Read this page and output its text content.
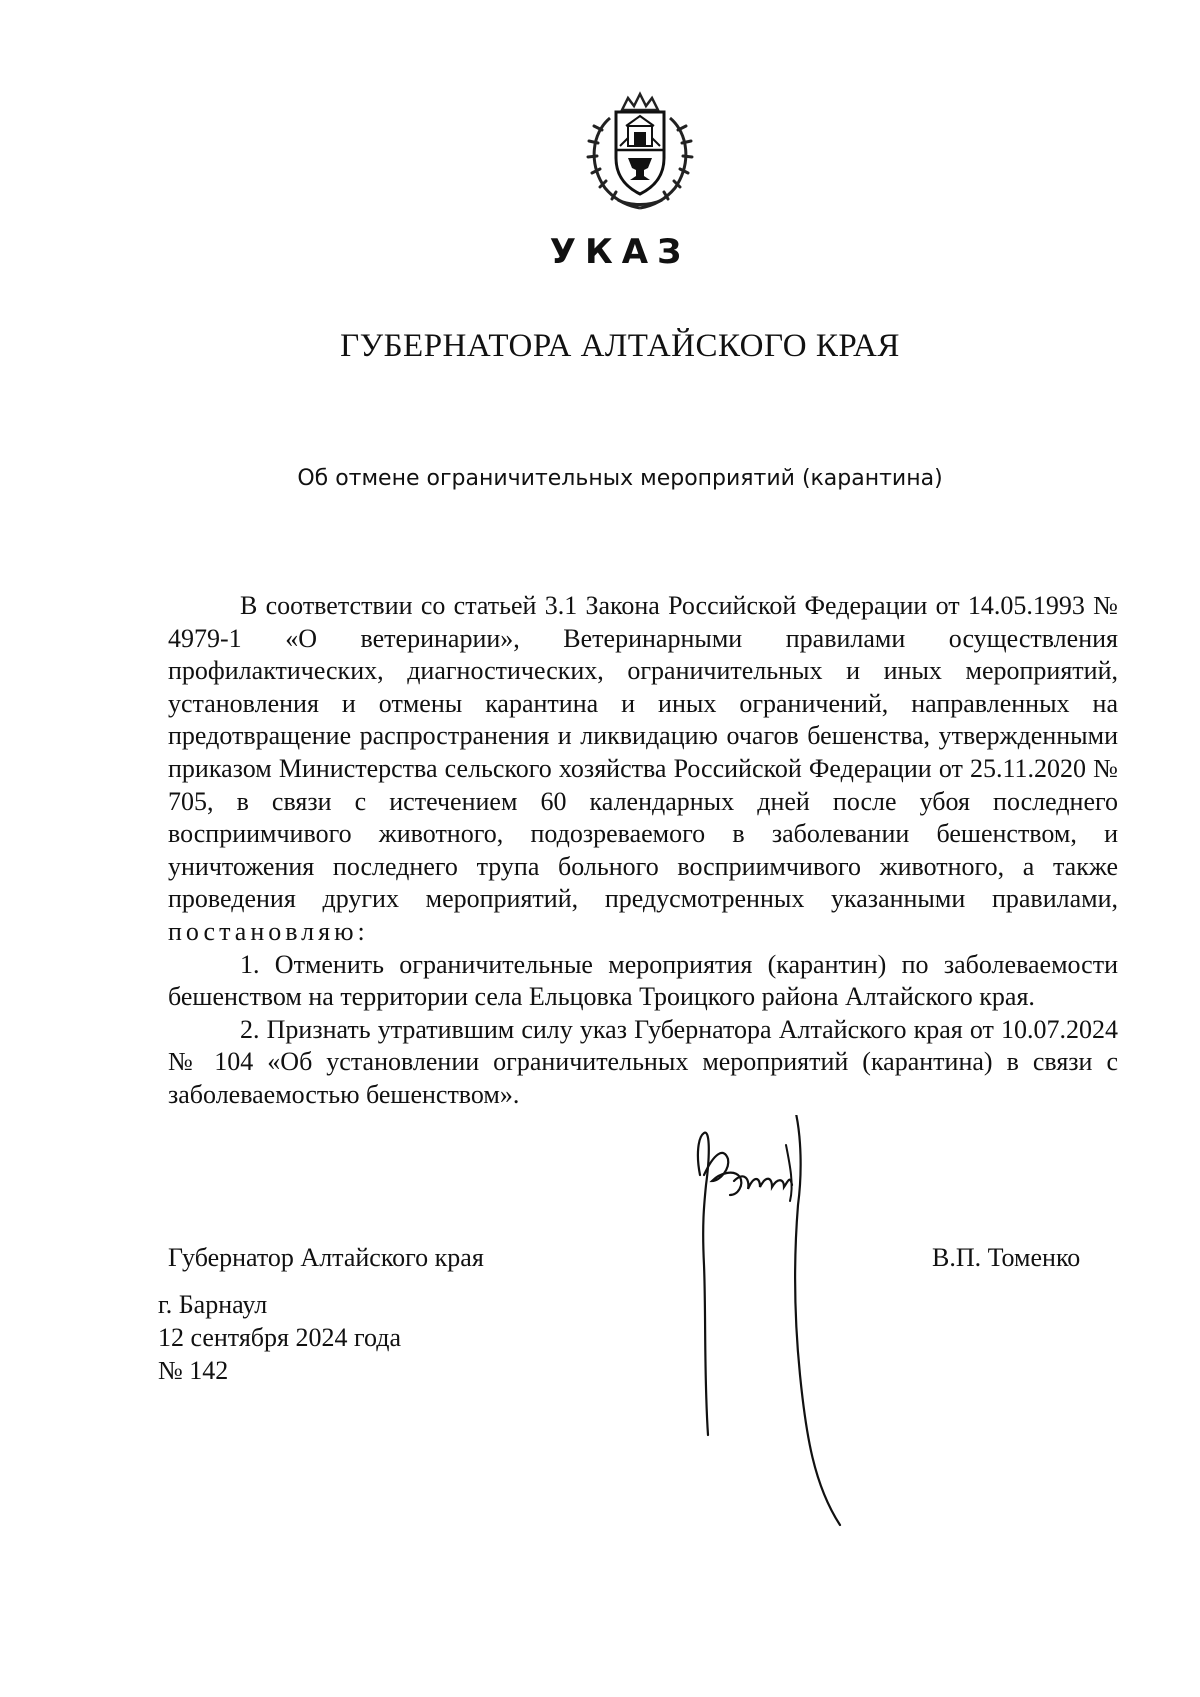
УКАЗ
ГУБЕРНАТОРА АЛТАЙСКОГО КРАЯ
Об отмене ограничительных мероприятий (карантина)

В соответствии со статьей 3.1 Закона Российской Федерации от 14.05.1993 № 4979-1 «О ветеринарии», Ветеринарными правилами осуществления профилактических, диагностических, ограничительных и иных мероприятий, установления и отмены карантина и иных ограничений, направленных на предотвращение распространения и ликвидацию очагов бешенства, утвержденными приказом Министерства сельского хозяйства Российской Федерации от 25.11.2020 № 705, в связи с истечением 60 календарных дней после убоя последнего восприимчивого животного, подозреваемого в заболевании бешенством, и уничтожения последнего трупа больного восприимчивого животного, а также проведения других мероприятий, предусмотренных указанными правилами, постановляю:

1. Отменить ограничительные мероприятия (карантин) по заболеваемости бешенством на территории села Ельцовка Троицкого района Алтайского края.

2. Признать утратившим силу указ Губернатора Алтайского края от 10.07.2024 № 104 «Об установлении ограничительных мероприятий (карантина) в связи с заболеваемостью бешенством».

Губернатор Алтайского края	В.П. Томенко
г. Барнаул
12 сентября 2024 года
№ 142
